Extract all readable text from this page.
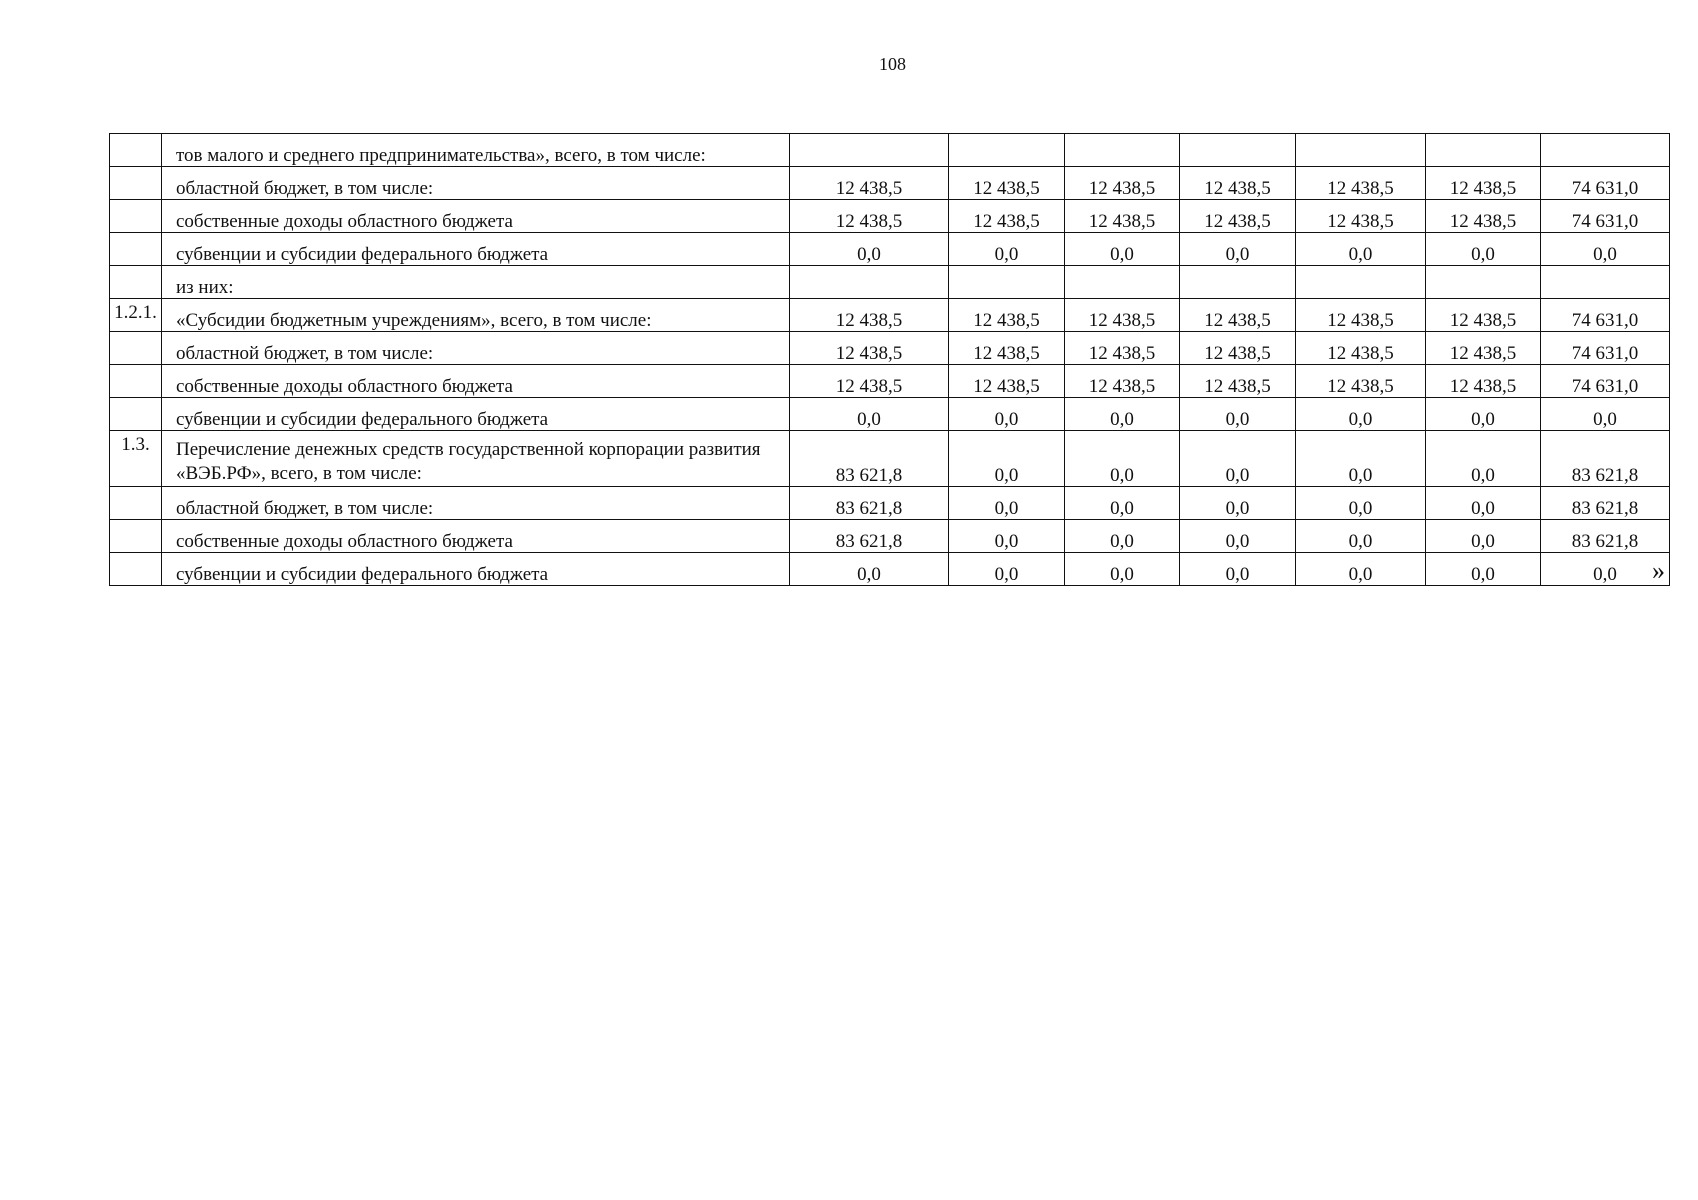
108
	тов малого и среднего предпринимательства», всего, в том числе:							
	областной бюджет, в том числе:	12 438,5	12 438,5	12 438,5	12 438,5	12 438,5	12 438,5	74 631,0
	собственные доходы областного бюджета	12 438,5	12 438,5	12 438,5	12 438,5	12 438,5	12 438,5	74 631,0
	субвенции и субсидии федерального бюджета	0,0	0,0	0,0	0,0	0,0	0,0	0,0
	из них:							
1.2.1.	«Субсидии бюджетным учреждениям», всего, в том числе:	12 438,5	12 438,5	12 438,5	12 438,5	12 438,5	12 438,5	74 631,0
	областной бюджет, в том числе:	12 438,5	12 438,5	12 438,5	12 438,5	12 438,5	12 438,5	74 631,0
	собственные доходы областного бюджета	12 438,5	12 438,5	12 438,5	12 438,5	12 438,5	12 438,5	74 631,0
	субвенции и субсидии федерального бюджета	0,0	0,0	0,0	0,0	0,0	0,0	0,0
1.3.	Перечисление денежных средств государственной корпорации развития «ВЭБ.РФ», всего, в том числе:	83 621,8	0,0	0,0	0,0	0,0	0,0	83 621,8
	областной бюджет, в том числе:	83 621,8	0,0	0,0	0,0	0,0	0,0	83 621,8
	собственные доходы областного бюджета	83 621,8	0,0	0,0	0,0	0,0	0,0	83 621,8
	субвенции и субсидии федерального бюджета	0,0	0,0	0,0	0,0	0,0	0,0	0,0 »
